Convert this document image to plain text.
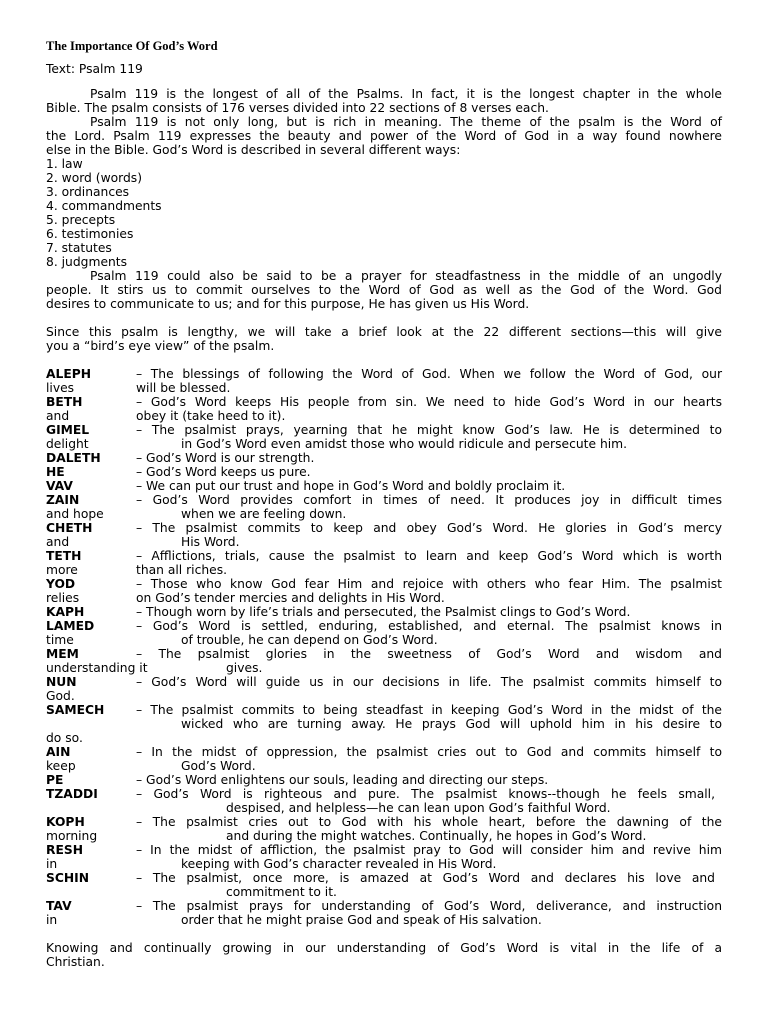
The Importance Of God’s Word
Text: Psalm 119
Psalm 119 is the longest of all of the Psalms. In fact, it is the longest chapter in the whole
Bible. The psalm consists of 176 verses divided into 22 sections of 8 verses each.
Psalm 119 is not only long, but is rich in meaning. The theme of the psalm is the Word of
the Lord. Psalm 119 expresses the beauty and power of the Word of God in a way found nowhere
else in the Bible. God’s Word is described in several different ways:
1. law
2. word (words)
3. ordinances
4. commandments
5. precepts
6. testimonies
7. statutes
8. judgments
Psalm 119 could also be said to be a prayer for steadfastness in the middle of an ungodly
people. It stirs us to commit ourselves to the Word of God as well as the God of the Word. God
desires to communicate to us; and for this purpose, He has given us His Word.
Since this psalm is lengthy, we will take a brief look at the 22 different sections—this will give
you a “bird’s eye view” of the psalm.
ALEPH	– The blessings of following the Word of God. When we follow the Word of God, our
lives	will be blessed.
BETH	– God’s Word keeps His people from sin. We need to hide God’s Word in our hearts
and	obey it (take heed to it).
GIMEL	– The psalmist prays, yearning that he might know God’s law. He is determined to
delight	in God’s Word even amidst those who would ridicule and persecute him.
DALETH	– God’s Word is our strength.
HE	– God’s Word keeps us pure.
VAV	– We can put our trust and hope in God’s Word and boldly proclaim it.
ZAIN	– God’s Word provides comfort in times of need. It produces joy in difficult times
and hope	when we are feeling down.
CHETH	– The psalmist commits to keep and obey God’s Word. He glories in God’s mercy
and	His Word.
TETH	– Afflictions, trials, cause the psalmist to learn and keep God’s Word which is worth
more	than all riches.
YOD	– Those who know God fear Him and rejoice with others who fear Him. The psalmist
relies	on God’s tender mercies and delights in His Word.
KAPH	– Though worn by life’s trials and persecuted, the Psalmist clings to God’s Word.
LAMED	– God’s Word is settled, enduring, established, and eternal. The psalmist knows in
time	of trouble, he can depend on God’s Word.
MEM	– The psalmist glories in the sweetness of God’s Word and wisdom and
understanding it	gives.
NUN	– God’s Word will guide us in our decisions in life. The psalmist commits himself to
God.
SAMECH	– The psalmist commits to being steadfast in keeping God’s Word in the midst of the
wicked who are turning away. He prays God will uphold him in his desire to
do so.
AIN	– In the midst of oppression, the psalmist cries out to God and commits himself to
keep	God’s Word.
PE	– God’s Word enlightens our souls, leading and directing our steps.
TZADDI	– God’s Word is righteous and pure. The psalmist knows--though he feels small,
despised, and helpless—he can lean upon God’s faithful Word.
KOPH	– The psalmist cries out to God with his whole heart, before the dawning of the
morning	and during the might watches. Continually, he hopes in God’s Word.
RESH	– In the midst of affliction, the psalmist pray to God will consider him and revive him
in	keeping with God’s character revealed in His Word.
SCHIN	– The psalmist, once more, is amazed at God’s Word and declares his love and
commitment to it.
TAV	– The psalmist prays for understanding of God’s Word, deliverance, and instruction
in	order that he might praise God and speak of His salvation.
Knowing and continually growing in our understanding of God’s Word is vital in the life of a
Christian.
